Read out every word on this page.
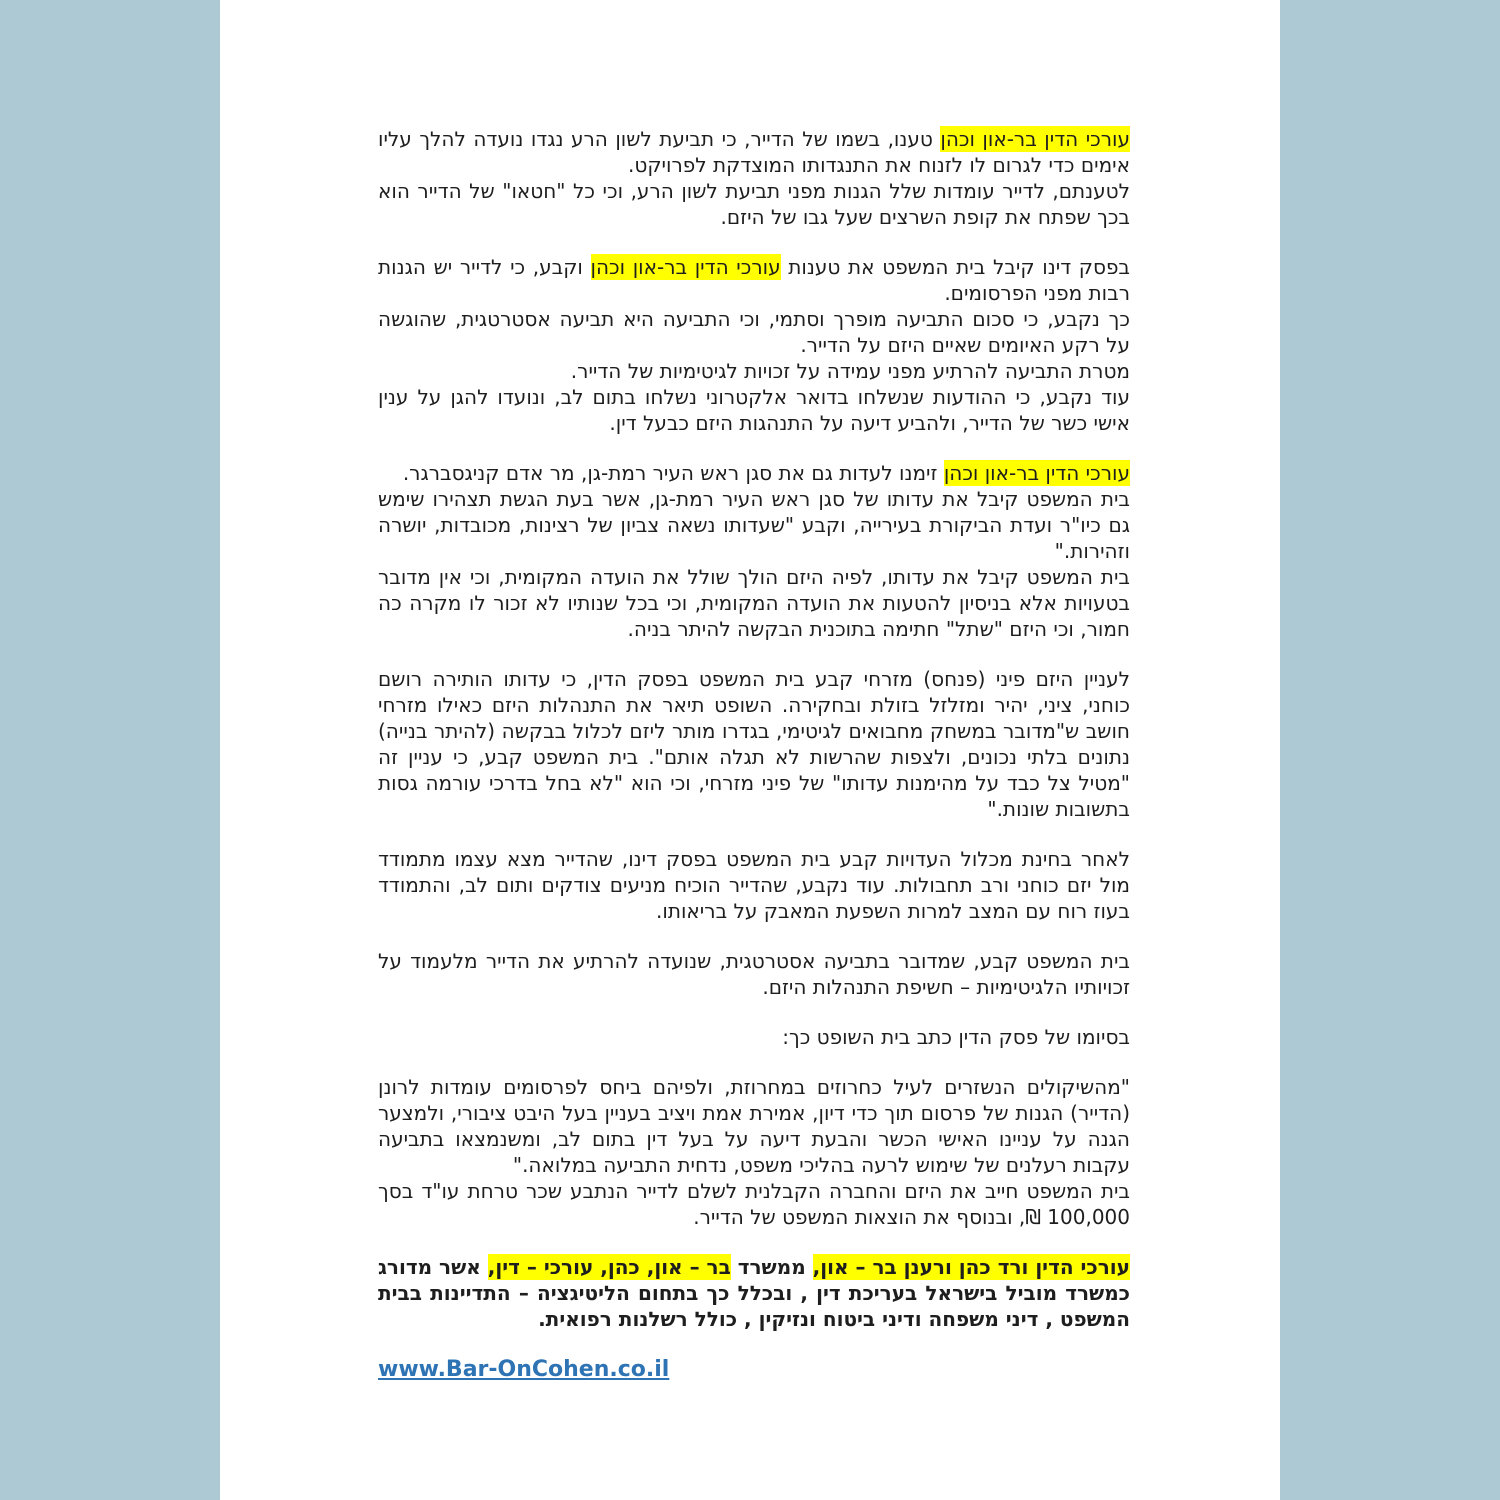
עורכי הדין בר-און וכהן טענו, בשמו של הדייר, כי תביעת לשון הרע נגדו נועדה להלך עליו אימים כדי לגרום לו לזנוח את התנגדותו המוצדקת לפרויקט.

לטענתם, לדייר עומדות שלל הגנות מפני תביעת לשון הרע, וכי כל "חטאו" של הדייר הוא בכך שפתח את קופת השרצים שעל גבו של היזם.

בפסק דינו קיבל בית המשפט את טענות עורכי הדין בר-און וכהן וקבע, כי לדייר יש הגנות רבות מפני הפרסומים.

כך נקבע, כי סכום התביעה מופרך וסתמי, וכי התביעה היא תביעה אסטרטגית, שהוגשה על רקע האיומים שאיים היזם על הדייר.

מטרת התביעה להרתיע מפני עמידה על זכויות לגיטימיות של הדייר.

עוד נקבע, כי ההודעות שנשלחו בדואר אלקטרוני נשלחו בתום לב, ונועדו להגן על ענין אישי כשר של הדייר, ולהביע דיעה על התנהגות היזם כבעל דין.

עורכי הדין בר-און וכהן זימנו לעדות גם את סגן ראש העיר רמת-גן, מר אדם קניגסברגר.

בית המשפט קיבל את עדותו של סגן ראש העיר רמת-גן, אשר בעת הגשת תצהירו שימש גם כיו"ר ועדת הביקורת בעירייה, וקבע "שעדותו נשאה צביון של רצינות, מכובדות, יושרה וזהירות."

בית המשפט קיבל את עדותו, לפיה היזם הולך שולל את הועדה המקומית, וכי אין מדובר בטעויות אלא בניסיון להטעות את הועדה המקומית, וכי בכל שנותיו לא זכור לו מקרה כה חמור, וכי היזם "שתל" חתימה בתוכנית הבקשה להיתר בניה.

לעניין היזם פיני (פנחס) מזרחי קבע בית המשפט בפסק הדין, כי עדותו הותירה רושם כוחני, ציני, יהיר ומזלזל בזולת ובחקירה. השופט תיאר את התנהלות היזם כאילו מזרחי חושב ש"מדובר במשחק מחבואים לגיטימי, בגדרו מותר ליזם לכלול בבקשה (להיתר בנייה) נתונים בלתי נכונים, ולצפות שהרשות לא תגלה אותם". בית המשפט קבע, כי עניין זה "מטיל צל כבד על מהימנות עדותו" של פיני מזרחי, וכי הוא "לא בחל בדרכי עורמה גסות בתשובות שונות."

לאחר בחינת מכלול העדויות קבע בית המשפט בפסק דינו, שהדייר מצא עצמו מתמודד מול יזם כוחני ורב תחבולות. עוד נקבע, שהדייר הוכיח מניעים צודקים ותום לב, והתמודד בעוז רוח עם המצב למרות השפעת המאבק על בריאותו.

בית המשפט קבע, שמדובר בתביעה אסטרטגית, שנועדה להרתיע את הדייר מלעמוד על זכויותיו הלגיטימיות – חשיפת התנהלות היזם.

בסיומו של פסק הדין כתב בית השופט כך:

"מהשיקולים הנשזרים לעיל כחרוזים במחרוזת, ולפיהם ביחס לפרסומים עומדות לרונן (הדייר) הגנות של פרסום תוך כדי דיון, אמירת אמת ויציב בעניין בעל היבט ציבורי, ולמצער הגנה על עניינו האישי הכשר והבעת דיעה על בעל דין בתום לב, ומשנמצאו בתביעה עקבות רעלנים של שימוש לרעה בהליכי משפט, נדחית התביעה במלואה."

בית המשפט חייב את היזם והחברה הקבלנית לשלם לדייר הנתבע שכר טרחת עו"ד בסך 100,000 ₪, ובנוסף את הוצאות המשפט של הדייר.

עורכי הדין ורד כהן ורענן בר – און, ממשרד בר – און, כהן, עורכי – דין, אשר מדורג כמשרד מוביל בישראל בעריכת דין , ובכלל כך בתחום הליטיגציה – התדיינות בבית המשפט , דיני משפחה ודיני ביטוח ונזיקין , כולל רשלנות רפואית.

www.Bar-OnCohen.co.il
